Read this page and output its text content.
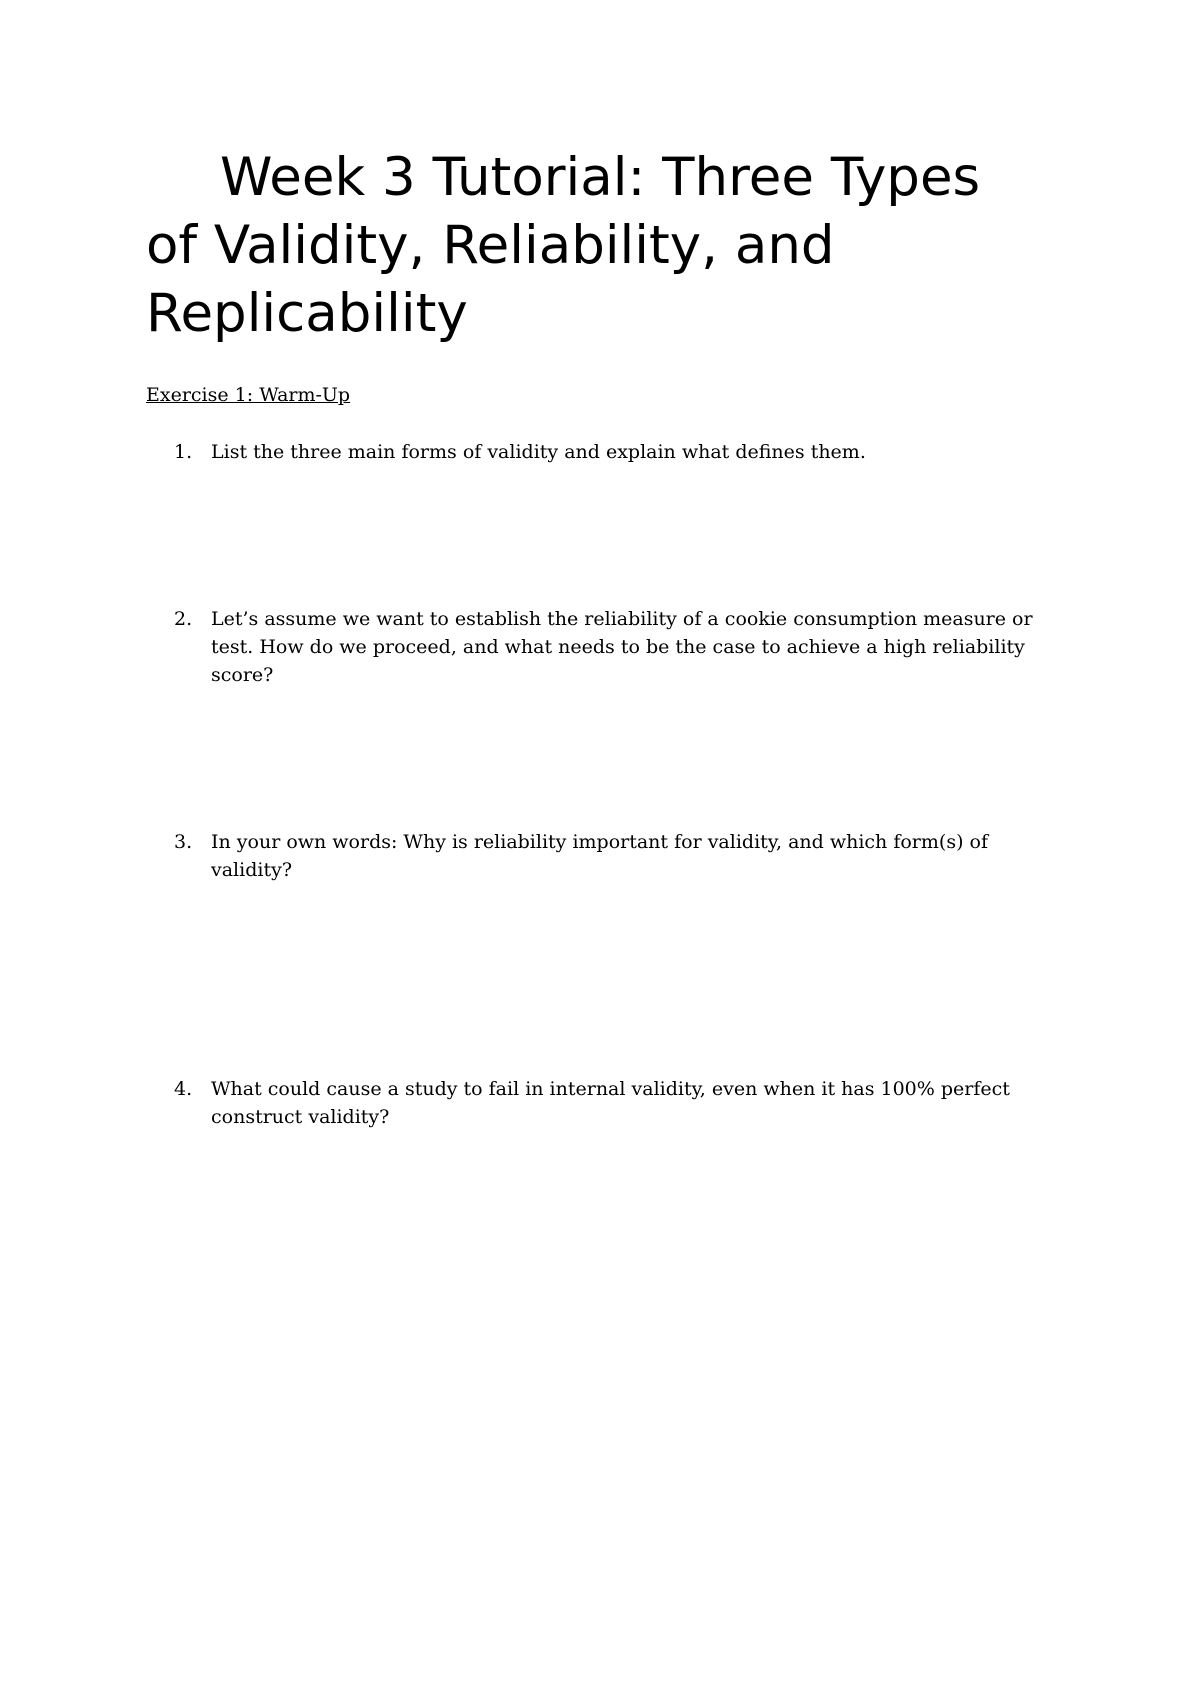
Week 3 Tutorial: Three Types of Validity, Reliability, and Replicability
Exercise 1: Warm-Up
1. List the three main forms of validity and explain what defines them.
2. Let’s assume we want to establish the reliability of a cookie consumption measure or test. How do we proceed, and what needs to be the case to achieve a high reliability score?
3. In your own words: Why is reliability important for validity, and which form(s) of validity?
4. What could cause a study to fail in internal validity, even when it has 100% perfect construct validity?
